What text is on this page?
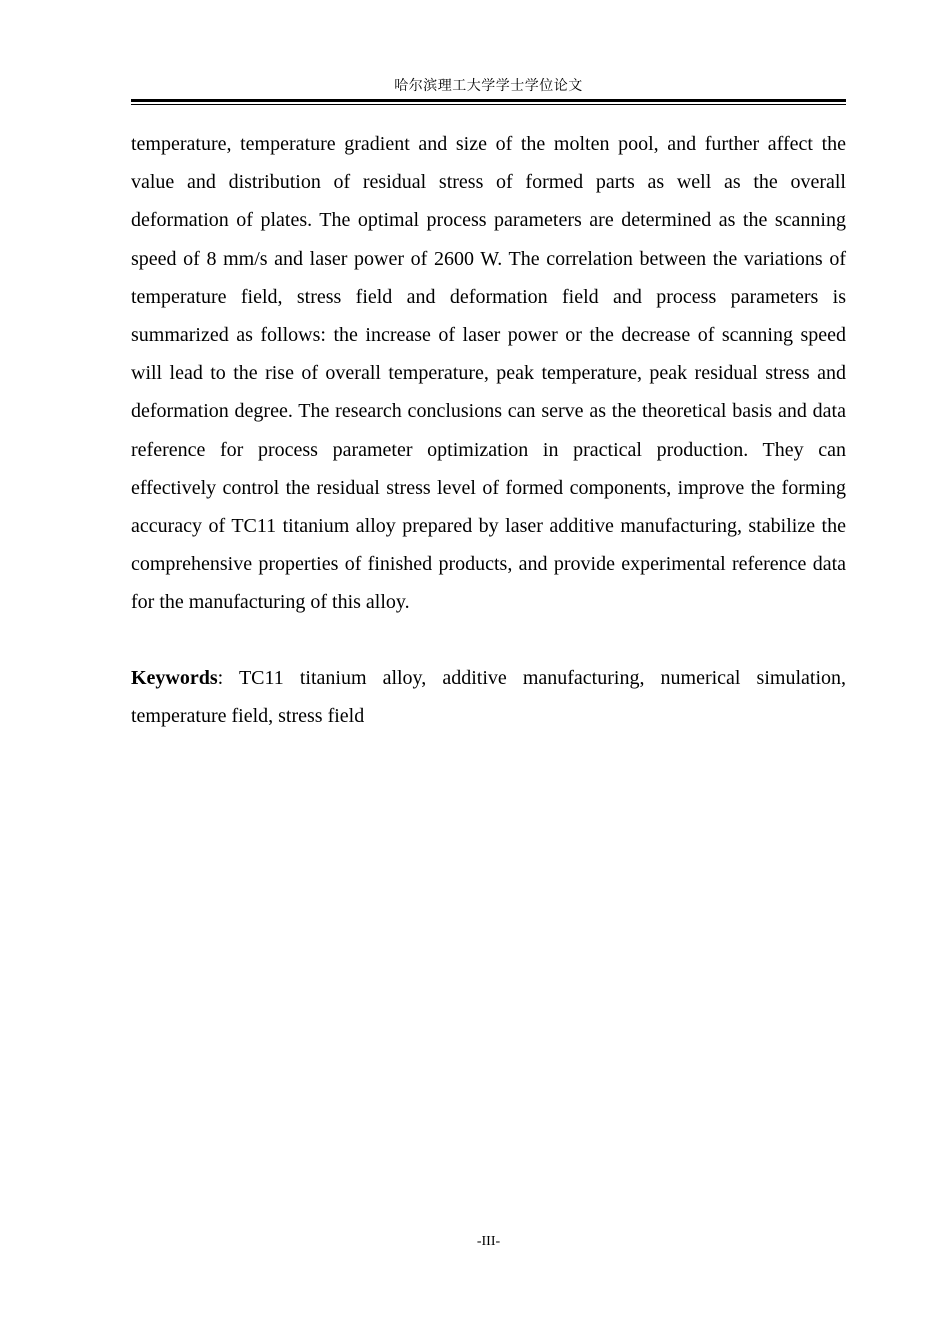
哈尔滨理工大学学士学位论文

temperature, temperature gradient and size of the molten pool, and further affect the value and distribution of residual stress of formed parts as well as the overall deformation of plates. The optimal process parameters are determined as the scanning speed of 8 mm/s and laser power of 2600 W. The correlation between the variations of temperature field, stress field and deformation field and process parameters is summarized as follows: the increase of laser power or the decrease of scanning speed will lead to the rise of overall temperature, peak temperature, peak residual stress and deformation degree. The research conclusions can serve as the theoretical basis and data reference for process parameter optimization in practical production. They can effectively control the residual stress level of formed components, improve the forming accuracy of TC11 titanium alloy prepared by laser additive manufacturing, stabilize the comprehensive properties of finished products, and provide experimental reference data for the manufacturing of this alloy.

Keywords: TC11 titanium alloy, additive manufacturing, numerical simulation, temperature field, stress field
-III-
